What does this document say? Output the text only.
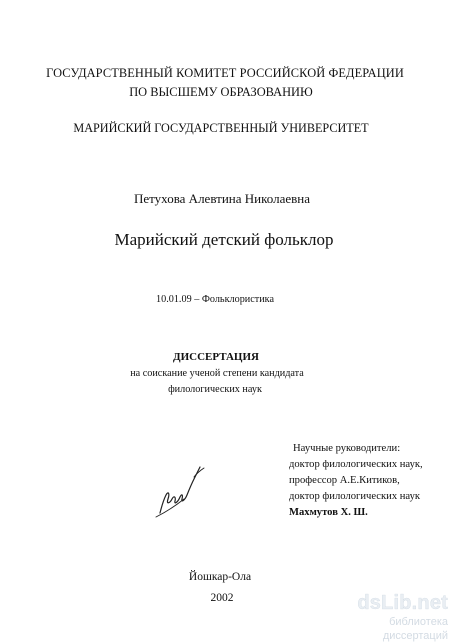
ГОСУДАРСТВЕННЫЙ КОМИТЕТ РОССИЙСКОЙ ФЕДЕРАЦИИ
ПО ВЫСШЕМУ ОБРАЗОВАНИЮ
МАРИЙСКИЙ ГОСУДАРСТВЕННЫЙ УНИВЕРСИТЕТ
Петухова Алевтина Николаевна
Марийский детский фольклор
10.01.09 – Фольклористика
ДИССЕРТАЦИЯ
на соискание ученой степени кандидата
филологических наук
Научные руководители:
доктор филологических наук,
профессор А.Е.Китиков,
доктор филологических наук
Махмутов Х. Ш.
Йошкар-Ола
2002	dsLib.net
библиотека диссертаций
